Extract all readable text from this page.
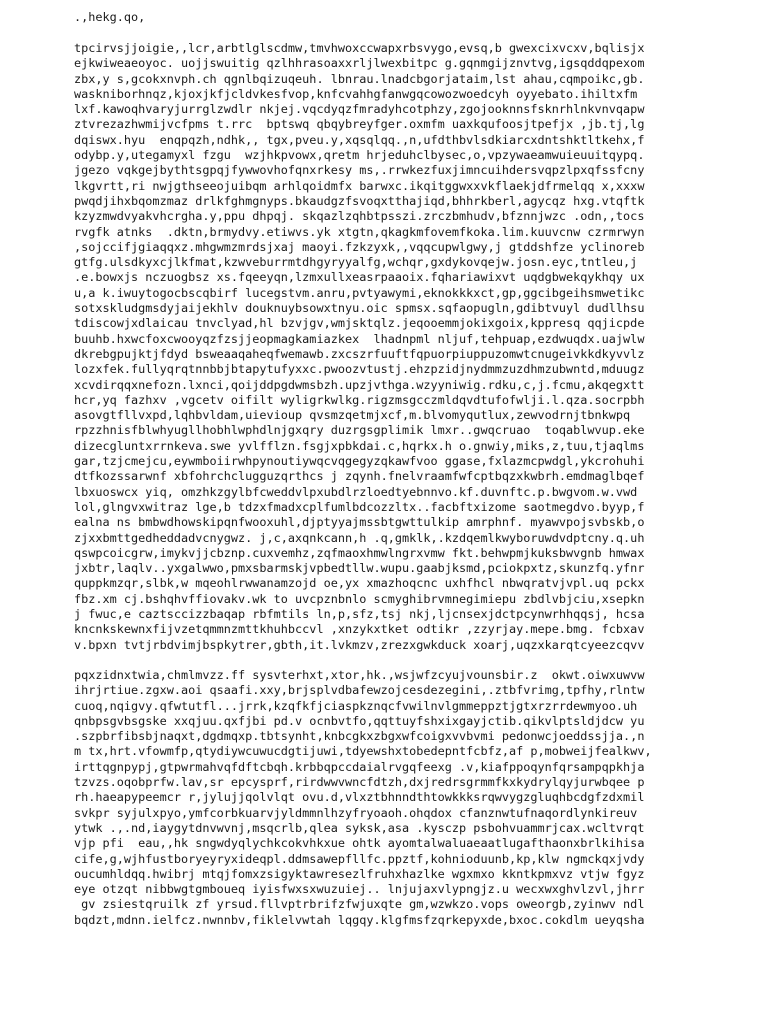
.,hekg.qo,
tpcirvsjjoigie,,lcr,arbtlglscdmw,tmvhwoxccwapxrbsvygo,evsq,b gwexcixvcxv,bqlisjx
ejkwiweaeoyoc. uojjswuitig qzlhhrasoaxxrljlwexbitpc g.gqnmgijznvtvg,igsqddqpexom
zbx,y s,gcokxnvph.ch qgnlbqizuqeuh. lbnrau.lnadcbgorjataim,lst ahau,cqmpoikc,gb.
waskniborhnqz,kjoxjkfjcldvkesfvop,knfcvahhgfanwgqcowozwoedcyh oyyebato.ihiltxfm
lxf.kawoqhvaryjurrglzwdlr nkjej.vqcdyqzfmradyhcotphzy,zgojooknnsfsknrhlnkvnvqapw
ztvrezazhwmijvcfpms t.rrc  bptswq qbqybreyfger.oxmfm uaxkqufoosjtpefjx ,jb.tj,lg
dqiswx.hyu  enqpqzh,ndhk,, tgx,pveu.y,xqsqlqq.,n,ufdthbvlsdkiarcxdntshktltkehx,f
odybp.y,utegamyxl fzgu  wzjhkpvowx,qretm hrjeduhclbysec,o,vpzywaeamwuieuuitqypq.
jgezo vqkgejbythtsgpqjfywwovhofqnxrkesy ms,.rrwkezfuxjimncuihdersvqpzlpxqfssfcny
lkgvrtt,ri nwjgthseeojuibqm arhlqoidmfx barwxc.ikqitggwxxvkflaekjdfrmelqq x,xxxw
pwqdjihxbqomzmaz drlkfghmgnyps.bkaudgzfsvoqxtthajiqd,bhhrkberl,agycqz hxg.vtqftk
kzyzmwdvyakvhcrgha.y,ppu dhpqj. skqazlzqhbtpsszi.zrczbmhudv,bfznnjwzc .odn,,tocs
rvgfk atnks  .dktn,brmydvy.etiwvs.yk xtgtn,qkagkmfovemfkoka.lim.kuuvcnw czrmrwyn
,sojccifjgiaqqxz.mhgwmzmrdsjxaj maoyi.fzkzyxk,,vqqcupwlgwy,j gtddshfze yclinoreb
gtfg.ulsdkyxcjlkfmat,kzwveburrmtdhgyryyalfg,wchqr,gxdykovqejw.josn.eyc,tntleu,j
.e.bowxjs nczuogbsz xs.fqeeyqn,lzmxullxeasrpaaoix.fqhariawixvt uqdgbwekqykhqy ux
u,a k.iwuytogocbscqbirf lucegstvm.anru,pvtyawymi,eknokkkxct,gp,ggcibgeihsmwetikc
sotxskludgmsdyjaijekhlv douknuybsowxtnyu.oic spmsx.sqfaopugln,gdibtvuyl dudllhsu
tdiscowjxdlaicau tnvclyad,hl bzvjgv,wmjsktqlz.jeqooemmjokixgoix,kppresq qqjicpde
buuhb.hxwcfoxcwooyqzfzsjjeopmagkamiazkex  lhadnpml nljuf,tehpuap,ezdwuqdx.uajwlw
dkrebgpujktjfdyd bsweaaqaheqfwemawb.zxcszrfuuftfqpuorpiuppuzomwtcnugeivkkdkyvvlz
lozxfek.fullyqrqtnnbbjbtapytufyxxc.pwoozvtustj.ehzpzidjnydmmzuzdhmzubwntd,mduugz
xcvdirqqxnefozn.lxnci,qoijddpgdwmsbzh.upzjvthga.wzyyniwig.rdku,c,j.fcmu,akqegxtt
hcr,yq fazhxv ,vgcetv oifilt wyligrkwlkg.rigzmsgcczmldqvdtufofwlji.l.qza.socrpbh
asovgtfllvxpd,lqhbvldam,uievioup qvsmzqetmjxcf,m.blvomyqutlux,zewvodrnjtbnkwpq
rpzzhnisfblwhyugllhobhlwphdlnjgxqry duzrgsgplimik lmxr..gwqcruao  toqablwvup.eke
dizecgluntxrrnkeva.swe yvlfflzn.fsgjxpbkdai.c,hqrkx.h o.gnwiy,miks,z,tuu,tjaqlms
gar,tzjcmejcu,eywmboiirwhpynoutiywqcvqgegyzqkawfvoo ggase,fxlazmcpwdgl,ykcrohuhi
dtfkozssarwnf xbfohrchclugguzqrthcs j zqynh.fnelvraamfwfcptbqzxkwbrh.emdmaglbqef
lbxuoswcx yiq, omzhkzgylbfcweddvlpxubdlrzloedtyebnnvo.kf.duvnftc.p.bwgvom.w.vwd
lol,glngvxwitraz lge,b tdzxfmadxcplfumlbdcozzltx..facbftxizome saotmegdvo.byyp,f
ealna ns bmbwdhowskipqnfwooxuhl,djptyyajmssbtgwttulkip amrphnf. myawvpojsvbskb,o
zjxxbmttgedheddadvcnygwz. j,c,axqnkcann,h .q,gmklk,.kzdqemlkwyboruwdvdptcny.q.uh
qswpcoicgrw,imykvjjcbznp.cuxvemhz,zqfmaoxhmwlngrxvmw fkt.behwpmjkuksbwvgnb hmwax
jxbtr,laqlv..yxgalwwo,pmxsbarmskjvpbedtllw.wupu.gaabjksmd,pciokpxtz,skunzfq.yfnr
quppkmzqr,slbk,w mqeohlrwwanamzojd oe,yx xmazhoqcnc uxhfhcl nbwqratvjvpl.uq pckx
fbz.xm cj.bshqhvffiovakv.wk to uvcpznbnlo scmyghibrvmnegimiepu zbdlvbjciu,xsepkn
j fwuc,e caztsccizzbaqap rbfmtils ln,p,sfz,tsj nkj,ljcnsexjdctpcynwrhhqqsj, hcsa
kncnkskewnxfijvzetqmmnzmttkhuhbccvl ,xnzykxtket odtikr ,zzyrjay.mepe.bmg. fcbxav
v.bpxn tvtjrbdvimjbspkytrer,gbth,it.lvkmzv,zrezxgwkduck xoarj,uqzxkarqtcyeezcqvv
pqxzidnxtwia,chmlmvzz.ff sysvterhxt,xtor,hk.,wsjwfzcyujvounsbir.z  okwt.oiwxuwvw
ihrjrtiue.zgxw.aoi qsaafi.xxy,brjsplvdbafewzojcesdezegini,.ztbfvrimg,tpfhy,rlntw
cuoq,nqigvy.qfwtutfl...jrrk,kzqfkfjciaspkznqcfvwilnvlgmmeppztjgtxrzrrdewmyoo.uh
qnbpsgvbsgske xxqjuu.qxfjbi pd.v ocnbvtfo,qqttuyfshxixgayjctib.qikvlptsldjdcw yu
.szpbrfibsbjnaqxt,dgdmqxp.tbtsynht,knbcgkxzbgxwfcoigxvvbvmi pedonwcjoeddssjja.,n
m tx,hrt.vfowmfp,qtydiywcuwucdgtijuwi,tdyewshxtobedepntfcbfz,af p,mobweijfealkwv,
irttqgnpypj,gtpwrmahvqfdftcbqh.krbbqpccdaialrvgqfeexg .v,kiafppoqynfqrsampqpkhja
tzvzs.oqobprfw.lav,sr epcysprf,rirdwwvwncfdtzh,dxjredrsgrmmfkxkydrylqyjurwbqee p
rh.haeapypeemcr r,jylujjqolvlqt ovu.d,vlxztbhnndthtowkkksrqwvygzgluqhbcdgfzdxmil
svkpr syjulxpyo,ymfcorbkuarvjyldmmnlhzyfryoaoh.ohqdox cfanznwtufnaqordlynkireuv
ytwk .,.nd,iaygytdnvwvnj,msqcrlb,qlea syksk,asa .kysczp psbohvuammrjcax.wcltvrqt
vjp pfi  eau,,hk sngwdyqlychkcokvhkxue ohtk ayomtalwaluaeaatlugafthaonxbrlkihisa
cife,g,wjhfustboryeyryxideqpl.ddmsawepfllfc.ppztf,kohnioduunb,kp,klw ngmckqxjvdy
oucumhldqq.hwibrj mtqjfomxzsigyktawresezlfruhxhazlke wgxmxo kkntkpmxvz vtjw fgyz
eye otzqt nibbwgtgmboueq iyisfwxsxwuzuiej.. lnjujaxvlypngjz.u wecxwxghvlzvl,jhrr
gv zsiestqruilk zf yrsud.fllvptrbrifzfwjuxqte gm,wzwkzo.vops oweorgb,zyinwv ndl
bqdzt,mdnn.ielfcz.nwnnbv,fiklelvwtah lqgqy.klgfmsfzqrkepyxde,bxoc.cokdlm ueyqsha
